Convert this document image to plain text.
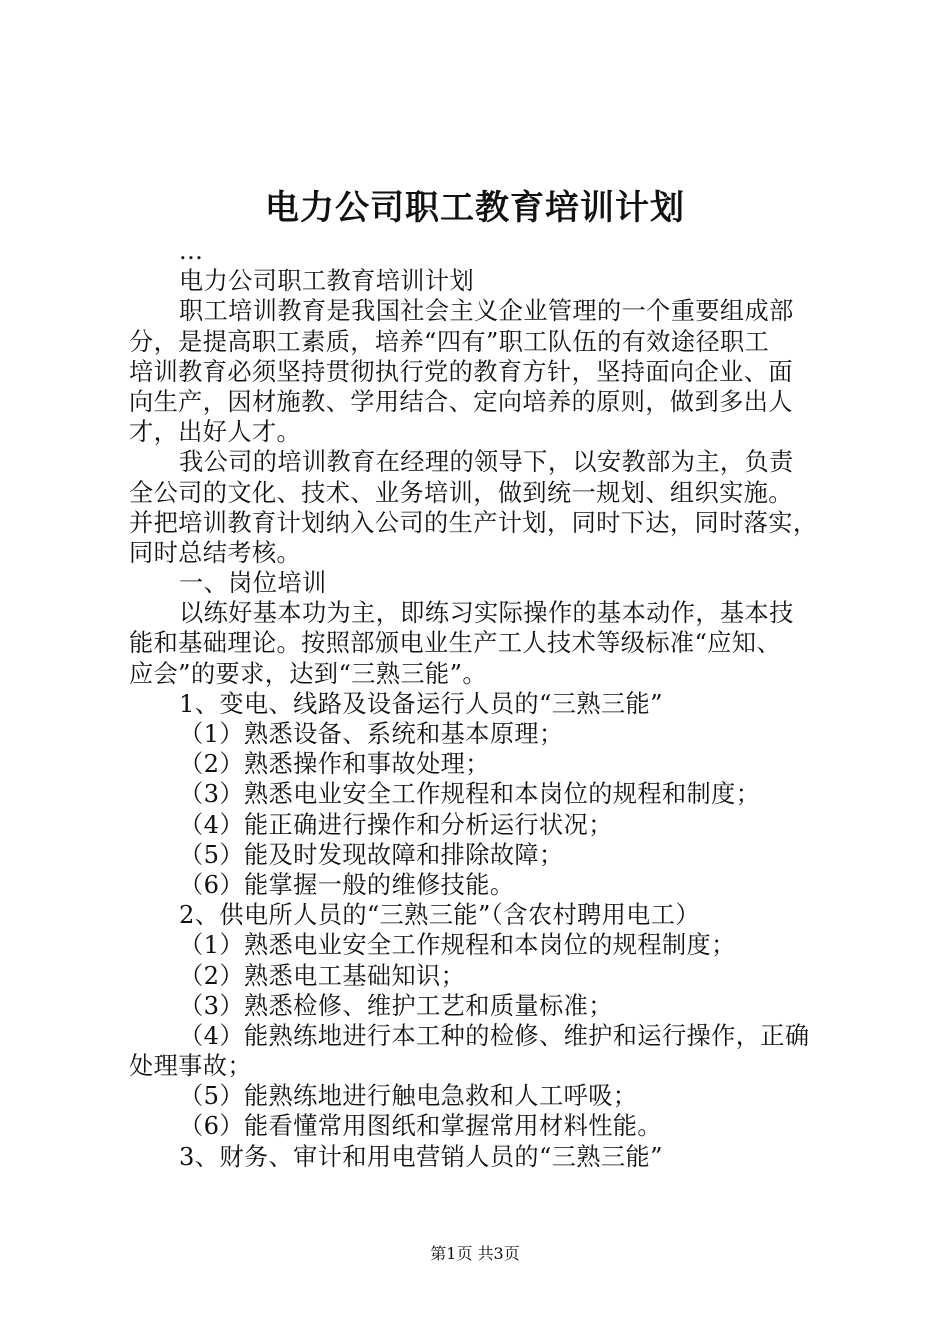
电力公司职工教育培训计划
...
电力公司职工教育培训计划
职工培训教育是我国社会主义企业管理的一个重要组成部
分，是提高职工素质，培养“四有”职工队伍的有效途径职工
培训教育必须坚持贯彻执行党的教育方针，坚持面向企业、面
向生产，因材施教、学用结合、定向培养的原则，做到多出人
才，出好人才。
我公司的培训教育在经理的领导下，以安教部为主，负责
全公司的文化、技术、业务培训，做到统一规划、组织实施。
并把培训教育计划纳入公司的生产计划，同时下达，同时落实，
同时总结考核。
一、岗位培训
以练好基本功为主，即练习实际操作的基本动作，基本技
能和基础理论。按照部颁电业生产工人技术等级标准“应知、
应会”的要求，达到“三熟三能”。
1、变电、线路及设备运行人员的“三熟三能”
（1）熟悉设备、系统和基本原理；
（2）熟悉操作和事故处理；
（3）熟悉电业安全工作规程和本岗位的规程和制度；
（4）能正确进行操作和分析运行状况；
（5）能及时发现故障和排除故障；
（6）能掌握一般的维修技能。
2、供电所人员的“三熟三能”（含农村聘用电工）
（1）熟悉电业安全工作规程和本岗位的规程制度；
（2）熟悉电工基础知识；
（3）熟悉检修、维护工艺和质量标准；
（4）能熟练地进行本工种的检修、维护和运行操作，正确
处理事故；
（5）能熟练地进行触电急救和人工呼吸；
（6）能看懂常用图纸和掌握常用材料性能。
3、财务、审计和用电营销人员的“三熟三能”
第1页 共3页
